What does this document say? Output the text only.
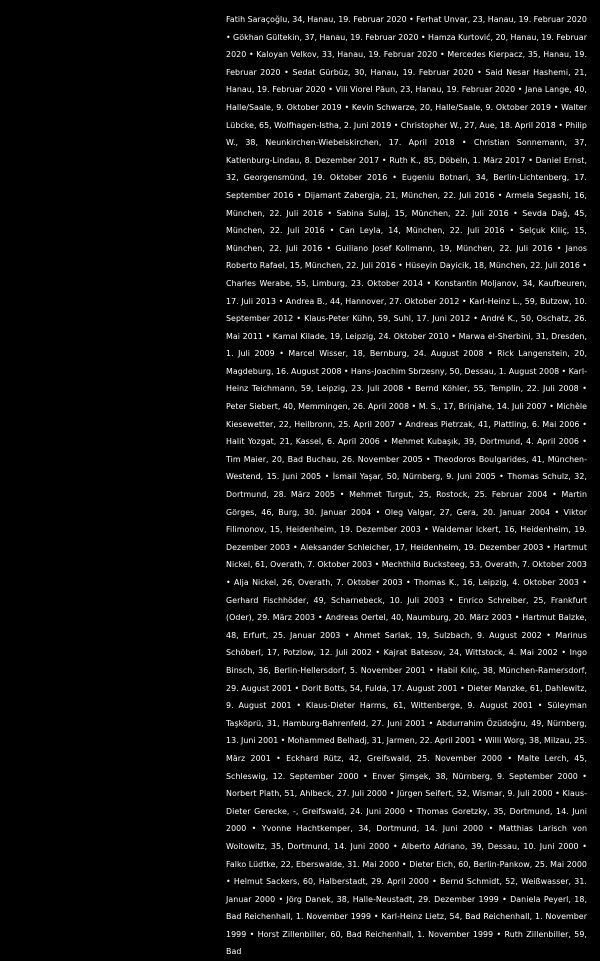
Fatih Saraçoğlu, 34, Hanau, 19. Februar 2020 • Ferhat Unvar, 23, Hanau, 19. Februar 2020 • Gökhan Gültekin, 37, Hanau, 19. Februar 2020 • Hamza Kurtović, 20, Hanau, 19. Februar 2020 • Kaloyan Velkov, 33, Hanau, 19. Februar 2020 • Mercedes Kierpacz, 35, Hanau, 19. Februar 2020 • Sedat Gürbüz, 30, Hanau, 19. Februar 2020 • Said Nesar Hashemi, 21, Hanau, 19. Februar 2020 • Vili Viorel Păun, 23, Hanau, 19. Februar 2020 • Jana Lange, 40, Halle/Saale, 9. Oktober 2019 • Kevin Schwarze, 20, Halle/Saale, 9. Oktober 2019 • Walter Lübcke, 65, Wolfhagen-Istha, 2. Juni 2019 • Christopher W., 27, Aue, 18. April 2018 • Philip W., 38, Neunkirchen-Wiebelskirchen, 17. April 2018 • Christian Sonnemann, 37, Katlenburg-Lindau, 8. Dezember 2017 • Ruth K., 85, Döbeln, 1. März 2017 • Daniel Ernst, 32, Georgensmünd, 19. Oktober 2016 • Eugeniu Botnari, 34, Berlin-Lichtenberg, 17. September 2016 • Dijamant Zabergja, 21, München, 22. Juli 2016 • Armela Segashi, 16, München, 22. Juli 2016 • Sabina Sulaj, 15, München, 22. Juli 2016 • Sevda Dağ, 45, München, 22. Juli 2016 • Can Leyla, 14, München, 22. Juli 2016 • Selçuk Kiliç, 15, München, 22. Juli 2016 • Guiliano Josef Kollmann, 19, München, 22. Juli 2016 • Janos Roberto Rafael, 15, München, 22. Juli 2016 • Hüseyin Dayicik, 18, München, 22. Juli 2016 • Charles Werabe, 55, Limburg, 23. Oktober 2014 • Konstantin Moljanov, 34, Kaufbeuren, 17. Juli 2013 • Andrea B., 44, Hannover, 27. Oktober 2012 • Karl-Heinz L., 59, Butzow, 10. September 2012 • Klaus-Peter Kühn, 59, Suhl, 17. Juni 2012 • André K., 50, Oschatz, 26. Mai 2011 • Kamal Kilade, 19, Leipzig, 24. Oktober 2010 • Marwa el-Sherbini, 31, Dresden, 1. Juli 2009 • Marcel Wisser, 18, Bernburg, 24. August 2008 • Rick Langenstein, 20, Magdeburg, 16. August 2008 • Hans-Joachim Sbrzesny, 50, Dessau, 1. August 2008 • Karl-Heinz Teichmann, 59, Leipzig, 23. Juli 2008 • Bernd Köhler, 55, Templin, 22. Juli 2008 • Peter Siebert, 40, Memmingen, 26. April 2008 • M. S., 17, Brinjahe, 14. Juli 2007 • Michèle Kiesewetter, 22, Heilbronn, 25. April 2007 • Andreas Pietrzak, 41, Plattling, 6. Mai 2006 • Halit Yozgat, 21, Kassel, 6. April 2006 • Mehmet Kubaşık, 39, Dortmund, 4. April 2006 • Tim Maier, 20, Bad Buchau, 26. November 2005 • Theodoros Boulgarides, 41, München-Westend, 15. Juni 2005 • İsmail Yaşar, 50, Nürnberg, 9. Juni 2005 • Thomas Schulz, 32, Dortmund, 28. März 2005 • Mehmet Turgut, 25, Rostock, 25. Februar 2004 • Martin Görges, 46, Burg, 30. Januar 2004 • Oleg Valgar, 27, Gera, 20. Januar 2004 • Viktor Filimonov, 15, Heidenheim, 19. Dezember 2003 • Waldemar Ickert, 16, Heidenheim, 19. Dezember 2003 • Aleksander Schleicher, 17, Heidenheim, 19. Dezember 2003 • Hartmut Nickel, 61, Overath, 7. Oktober 2003 • Mechthild Bucksteeg, 53, Overath, 7. Oktober 2003 • Alja Nickel, 26, Overath, 7. Oktober 2003 • Thomas K., 16, Leipzig, 4. Oktober 2003 • Gerhard Fischhöder, 49, Scharnebeck, 10. Juli 2003 • Enrico Schreiber, 25, Frankfurt (Oder), 29. März 2003 • Andreas Oertel, 40, Naumburg, 20. März 2003 • Hartmut Balzke, 48, Erfurt, 25. Januar 2003 • Ahmet Sarlak, 19, Sulzbach, 9. August 2002 • Marinus Schöberl, 17, Potzlow, 12. Juli 2002 • Kajrat Batesov, 24, Wittstock, 4. Mai 2002 • Ingo Binsch, 36, Berlin-Hellersdorf, 5. November 2001 • Habil Kılıç, 38, München-Ramersdorf, 29. August 2001 • Dorit Botts, 54, Fulda, 17. August 2001 • Dieter Manzke, 61, Dahlewitz, 9. August 2001 • Klaus-Dieter Harms, 61, Wittenberge, 9. August 2001 • Süleyman Taşköprü, 31, Hamburg-Bahrenfeld, 27. Juni 2001 • Abdurrahim Özüdoğru, 49, Nürnberg, 13. Juni 2001 • Mohammed Belhadj, 31, Jarmen, 22. April 2001 • Willi Worg, 38, Milzau, 25. März 2001 • Eckhard Rütz, 42, Greifswald, 25. November 2000 • Malte Lerch, 45, Schleswig, 12. September 2000 • Enver Şimşek, 38, Nürnberg, 9. September 2000 • Norbert Plath, 51, Ahlbeck, 27. Juli 2000 • Jürgen Seifert, 52, Wismar, 9. Juli 2000 • Klaus-Dieter Gerecke, -, Greifswald, 24. Juni 2000 • Thomas Goretzky, 35, Dortmund, 14. Juni 2000 • Yvonne Hachtkemper, 34, Dortmund, 14. Juni 2000 • Matthias Larisch von Woitowitz, 35, Dortmund, 14. Juni 2000 • Alberto Adriano, 39, Dessau, 10. Juni 2000 • Falko Lüdtke, 22, Eberswalde, 31. Mai 2000 • Dieter Eich, 60, Berlin-Pankow, 25. Mai 2000 • Helmut Sackers, 60, Halberstadt, 29. April 2000 • Bernd Schmidt, 52, Weißwasser, 31. Januar 2000 • Jörg Danek, 38, Halle-Neustadt, 29. Dezember 1999 • Daniela Peyerl, 18, Bad Reichenhall, 1. November 1999 • Karl-Heinz Lietz, 54, Bad Reichenhall, 1. November 1999 • Horst Zillenbiller, 60, Bad Reichenhall, 1. November 1999 • Ruth Zillenbiller, 59, Bad
